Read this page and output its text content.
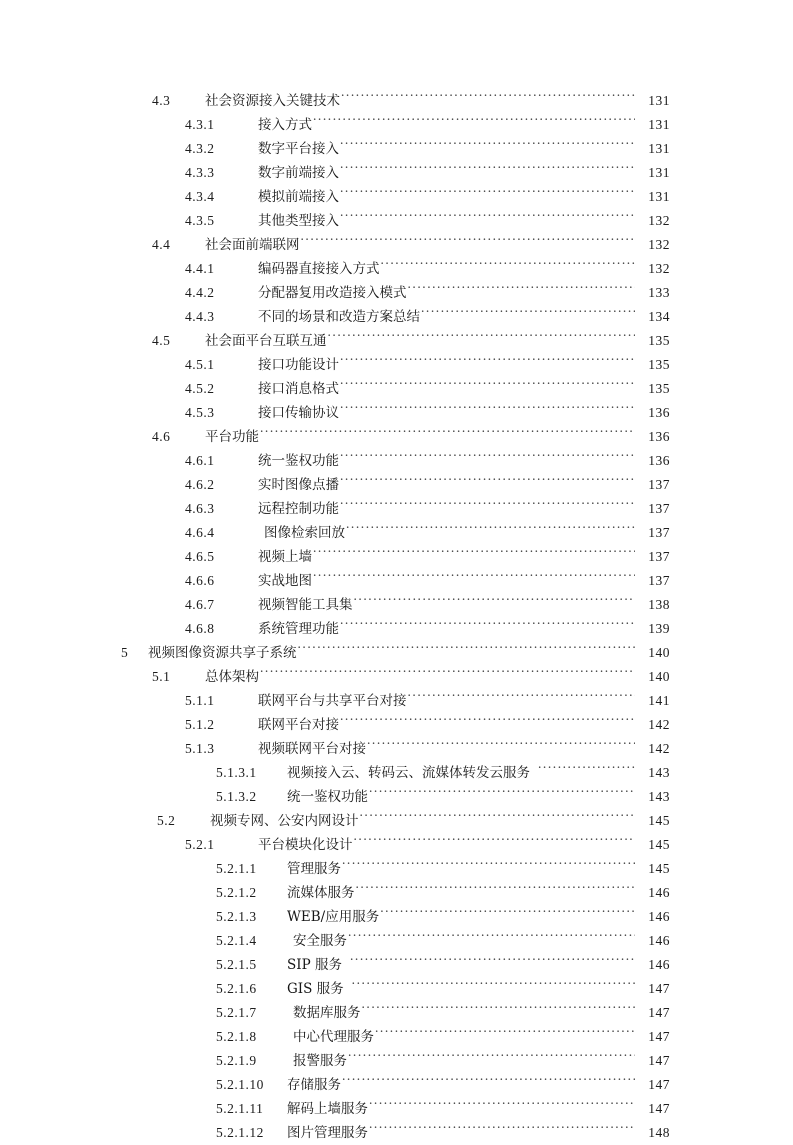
4.3	社会资源接入关键技术 .....	131
4.3.1	接入方式 .....	131
4.3.2	数字平台接入 .....	131
4.3.3	数字前端接入 .....	131
4.3.4	模拟前端接入 .....	131
4.3.5	其他类型接入 .....	132
4.4	社会面前端联网 .....	132
4.4.1	编码器直接接入方式 .....	132
4.4.2	分配器复用改造接入模式 .....	133
4.4.3	不同的场景和改造方案总结 .....	134
4.5	社会面平台互联互通 .....	135
4.5.1	接口功能设计 .....	135
4.5.2	接口消息格式 .....	135
4.5.3	接口传输协议 .....	136
4.6	平台功能 .....	136
4.6.1	统一鉴权功能 .....	136
4.6.2	实时图像点播 .....	137
4.6.3	远程控制功能 .....	137
4.6.4	图像检索回放 .....	137
4.6.5	视频上墙 .....	137
4.6.6	实战地图 .....	137
4.6.7	视频智能工具集 .....	138
4.6.8	系统管理功能 .....	139
5	视频图像资源共享子系统 .....	140
5.1	总体架构 .....	140
5.1.1	联网平台与共享平台对接 .....	141
5.1.2	联网平台对接 .....	142
5.1.3	视频联网平台对接 .....	142
5.1.3.1	视频接入云、转码云、流媒体转发云服务 .....	143
5.1.3.2	统一鉴权功能 .....	143
5.2	视频专网、公安内网设计 .....	145
5.2.1	平台模块化设计 .....	145
5.2.1.1	管理服务 .....	145
5.2.1.2	流媒体服务 .....	146
5.2.1.3	WEB/应用服务 .....	146
5.2.1.4	安全服务 .....	146
5.2.1.5	SIP 服务 .....	146
5.2.1.6	GIS 服务 .....	147
5.2.1.7	数据库服务 .....	147
5.2.1.8	中心代理服务 .....	147
5.2.1.9	报警服务 .....	147
5.2.1.10	存储服务 .....	147
5.2.1.11	解码上墙服务 .....	147
5.2.1.12	图片管理服务 .....	148
